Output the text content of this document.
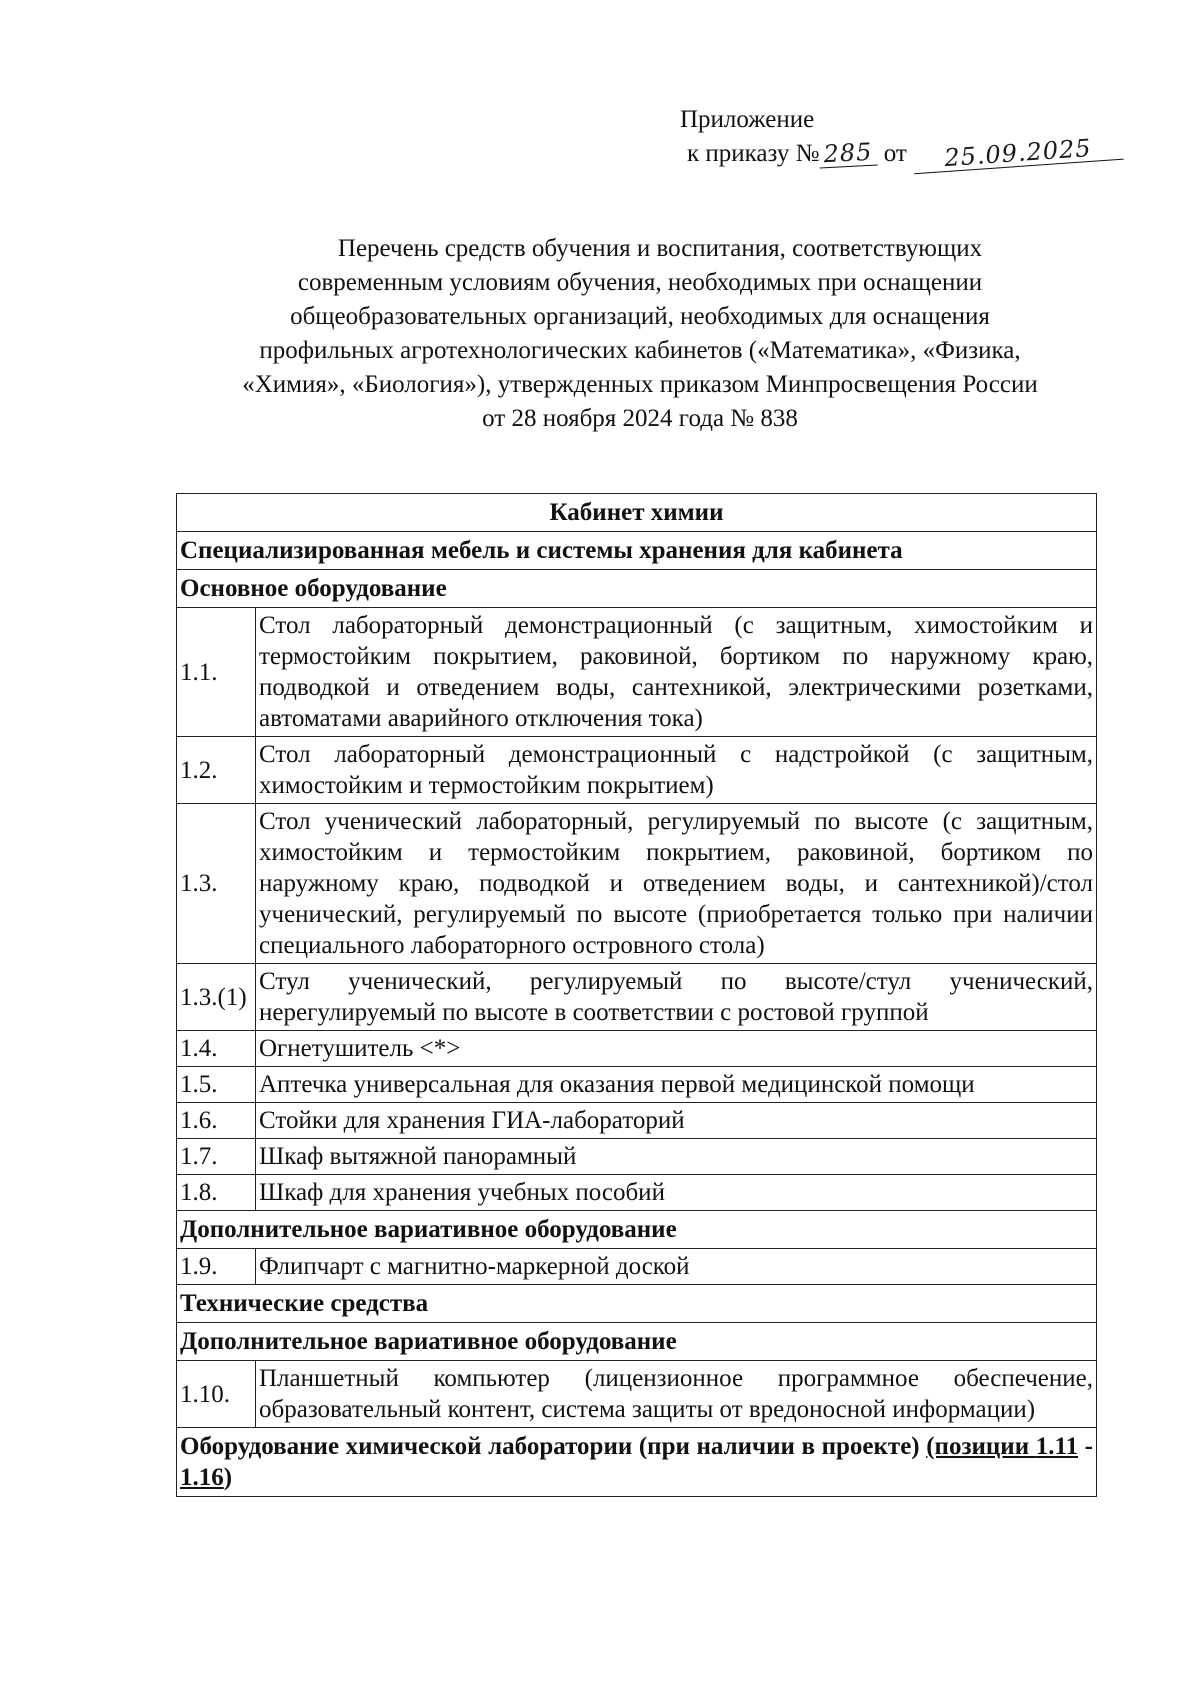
Приложение
к приказу № 285 от 25.09.2025

Перечень средств обучения и воспитания, соответствующих

современным условиям обучения, необходимых при оснащении

общеобразовательных организаций, необходимых для оснащения

профильных агротехнологических кабинетов («Математика», «Физика,

«Химия», «Биология»), утвержденных приказом Минпросвещения России

от 28 ноября 2024 года № 838

Кабинет химии	
Специализированная мебель и системы хранения для кабинета	
Основное оборудование	
1.1.	Стол лабораторный демонстрационный (с защитным, химостойким и термостойким покрытием, раковиной, бортиком по наружному краю, подводкой и отведением воды, сантехникой, электрическими розетками, автоматами аварийного отключения тока)
1.2.	Стол лабораторный демонстрационный с надстройкой (с защитным, химостойким и термостойким покрытием)
1.3.	Стол ученический лабораторный, регулируемый по высоте (с защитным, химостойким и термостойким покрытием, раковиной, бортиком по наружному краю, подводкой и отведением воды, и сантехникой)/стол ученический, регулируемый по высоте (приобретается только при наличии специального лабораторного островного стола)
1.3.(1)	Стул ученический, регулируемый по высоте/стул ученический, нерегулируемый по высоте в соответствии с ростовой группой
1.4.	Огнетушитель <*>
1.5.	Аптечка универсальная для оказания первой медицинской помощи
1.6.	Стойки для хранения ГИА-лабораторий
1.7.	Шкаф вытяжной панорамный
1.8.	Шкаф для хранения учебных пособий
Дополнительное вариативное оборудование	
1.9.	Флипчарт с магнитно-маркерной доской
Технические средства	
Дополнительное вариативное оборудование	
1.10.	Планшетный компьютер (лицензионное программное обеспечение, образовательный контент, система защиты от вредоносной информации)
Оборудование химической лаборатории (при наличии в проекте) (позиции 1.11 - 1.16)	
